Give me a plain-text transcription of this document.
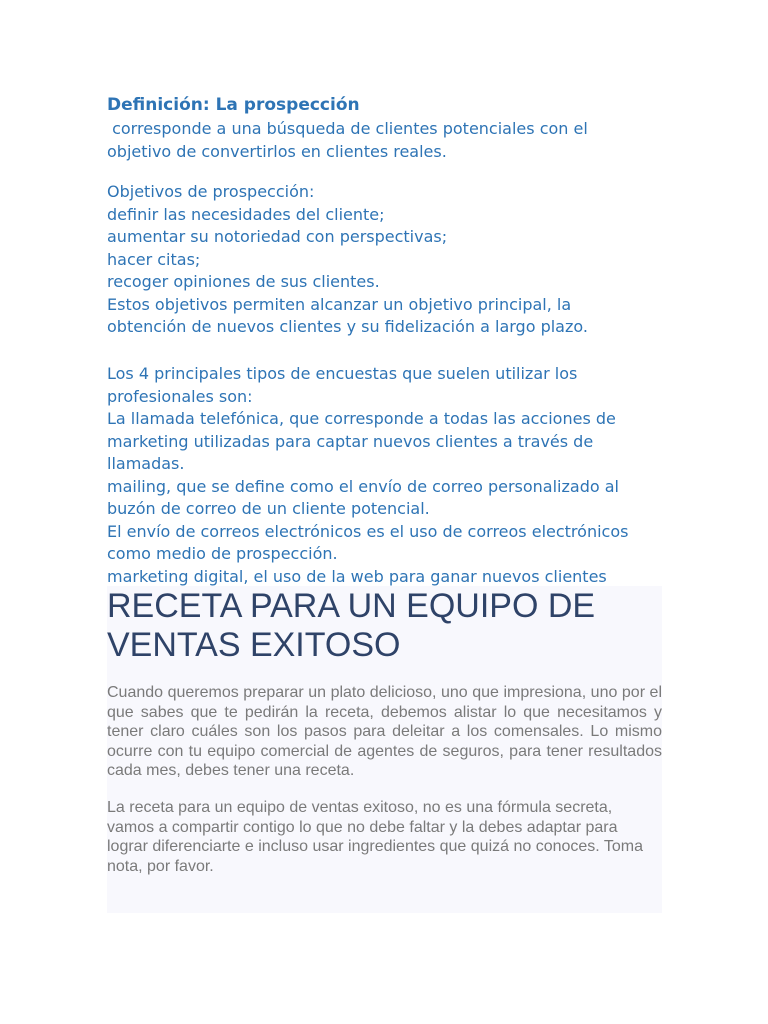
Definición: La prospección
corresponde a una búsqueda de clientes potenciales con el
objetivo de convertirlos en clientes reales.
Objetivos de prospección:
definir las necesidades del cliente;
aumentar su notoriedad con perspectivas;
hacer citas;
recoger opiniones de sus clientes.
Estos objetivos permiten alcanzar un objetivo principal, la
obtención de nuevos clientes y su fidelización a largo plazo.
Los 4 principales tipos de encuestas que suelen utilizar los
profesionales son:
La llamada telefónica, que corresponde a todas las acciones de
marketing utilizadas para captar nuevos clientes a través de
llamadas.
mailing, que se define como el envío de correo personalizado al
buzón de correo de un cliente potencial.
El envío de correos electrónicos es el uso de correos electrónicos
como medio de prospección.
marketing digital, el uso de la web para ganar nuevos clientes
RECETA PARA UN EQUIPO DE
VENTAS EXITOSO

Cuando queremos preparar un plato delicioso, uno que impresiona, uno por el que sabes que te pedirán la receta, debemos alistar lo que necesitamos y tener claro cuáles son los pasos para deleitar a los comensales. Lo mismo ocurre con tu equipo comercial de agentes de seguros, para tener resultados cada mes, debes tener una receta.

La receta para un equipo de ventas exitoso, no es una fórmula secreta,
vamos a compartir contigo lo que no debe faltar y la debes adaptar para
lograr diferenciarte e incluso usar ingredientes que quizá no conoces. Toma
nota, por favor.
